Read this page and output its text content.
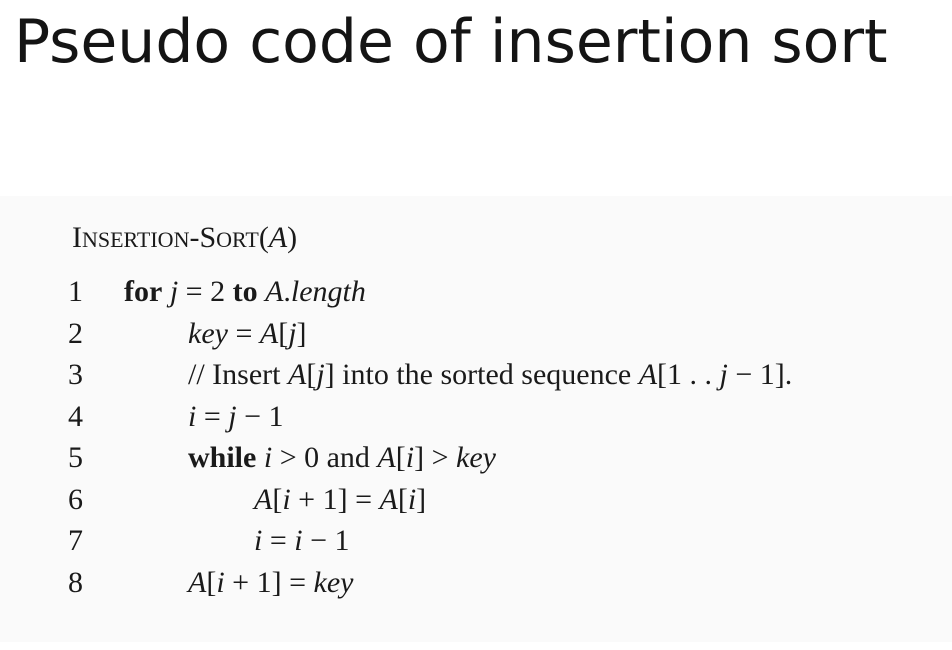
Pseudo code of insertion sort
INSERTION-SORT(A)
1 for j = 2 to A.length
2	key = A[j]
3	// Insert A[j] into the sorted sequence A[1 . . j − 1].
4	i = j − 1
5	while i > 0 and A[i] > key
6	A[i + 1] = A[i]
7	i = i − 1
8	A[i + 1] = key
